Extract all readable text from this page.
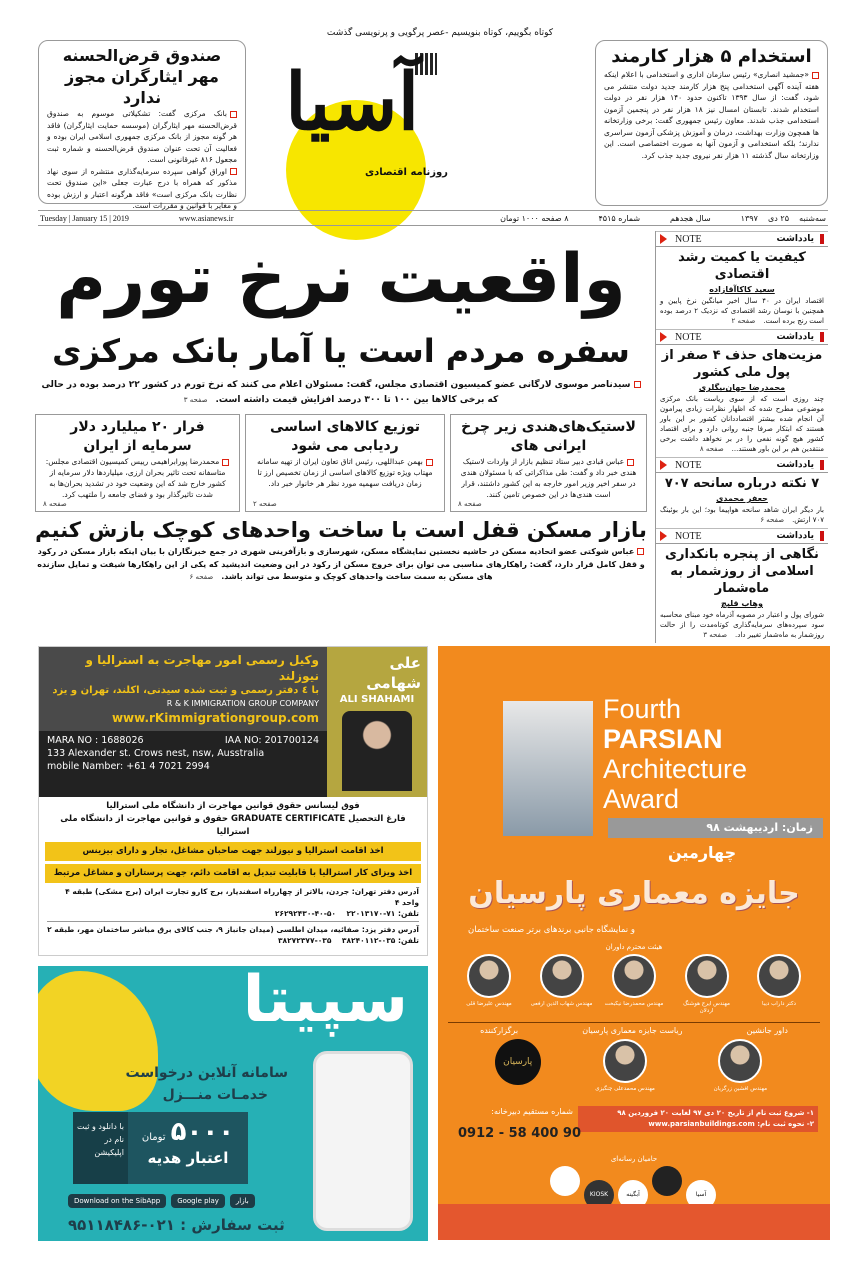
کوتاه بگوییم، کوتاه بنویسیم -عصر پرگویی و پرنویسی گذشت
صندوق قرض‌الحسنه
مهر ایثارگران مجوز ندارد

بانک مرکزی گفت: تشکیلاتی موسوم به صندوق قرض‌الحسنه مهر ایثارگران (موسسه حمایت ایثارگران) فاقد هر گونه مجوز از بانک مرکزی جمهوری اسلامی ایران بوده و فعالیت آن تحت عنوان صندوق قرض‌الحسنه و شماره ثبت مجعول ۸۱۶ غیرقانونی است.

اوراق گواهی سپرده سرمایه‌گذاری منتشره از سوی نهاد مذکور که همراه با درج عبارت جعلی «این صندوق تحت نظارت بانک مرکزی است» فاقد هرگونه اعتبار و ارزش بوده و مغایر با قوانین و مقررات است.

آسیا
روزنامه اقتصادی
استخدام ۵ هزار کارمند

«جمشید انصاری» رئیس سازمان اداری و استخدامی با اعلام اینکه هفته آینده آگهی استخدامی پنج هزار کارمند جدید دولت منتشر می شود، گفت: از سال ۱۳۹۳ تاکنون حدود ۱۴۰ هزار نفر در دولت استخدام شدند. تابستان امسال نیز ۱۸ هزار نفر در پنجمین آزمون استخدامی جذب شدند. معاون رئیس جمهوری گفت: برخی وزارتخانه ها همچون وزارت بهداشت، درمان و آموزش پزشکی آزمون سراسری ندارند؛ بلکه استخدامی و آزمون آنها به صورت اختصاصی است. این وزارتخانه سال گذشته ۱۱ هزار نفر نیروی جدید جذب کرد.

Tuesday | January 15 | 2019	www.asianews.ir	۸ صفحه ۱۰۰۰ تومان	شماره ۴۵۱۵	سال هجدهم	سه‌شنبه    ۲۵ دی    ۱۳۹۷
واقعیت نرخ تورم
سفره مردم است یا آمار بانک مرکزی

سیدناصر موسوی لارگانی عضو کمیسیون اقتصادی مجلس، گفت: مسئولان اعلام می کنند که نرخ تورم در کشور ۲۲ درصد بوده در حالی که برخی کالاها بین ۱۰۰ تا ۳۰۰ درصد افزایش قیمت داشته است.صفحه ۳

لاستیک‌های‌هندی زیر چرخ ایرانی های

عباس قبادی دبیر ستاد تنظیم بازار از واردات لاستیک هندی خبر داد و گفت: طی مذاکراتی که با مسئولان هندی در سفر اخیر وزیر امور خارجه به این کشور داشتند، قرار است هندی‌ها در این خصوص تامین کنند.

صفحه ۸
توزیع کالاهای اساسی ردیابی می شود

بهمن عبداللهی، رئیس اتاق تعاون ایران از تهیه سامانه مهتاب ویژه توزیع کالاهای اساسی از زمان تخصیص ارز تا زمان دریافت سهمیه مورد نظر هر خانوار خبر داد.

صفحه ۲
فرار ۲۰ میلیارد دلار سرمایه از ایران

محمدرضا پورابراهیمی رییس کمیسیون اقتصادی مجلس: متاسفانه تحت تاثیر بحران ارزی، میلیاردها دلار سرمایه از کشور خارج شد که این وضعیت خود در تشدید بحران‌ها به شدت تاثیرگذار بود و فضای جامعه را ملتهب کرد.

صفحه ۸
بازار مسکن قفل است با ساخت واحدهای کوچک بازش کنیم

عباس شوکتی عضو اتحادیه مسکن در حاشیه نخستین نمایشگاه مسکن، شهرسازی و بازآفرینی شهری در جمع خبرنگاران با بیان اینکه بازار مسکن در رکود و قفل کامل قرار دارد، گفت: راهکارهای مناسبی می توان برای خروج مسکن از رکود در این وضعیت اندیشید که یکی از این راهکارها شیفت و تمایل سازنده های مسکن به سمت ساخت واحدهای کوچک و متوسط می تواند باشد.صفحه ۶

NOTE	یادداشت
کیفیت یا کمیت رشد اقتصادی
سعید کاکاآقازاده
اقتصاد ایران در ۴۰ سال اخیر میانگین نرخ پایین و همچنین با نوسان رشد اقتصادی که نزدیک ۲ درصد بوده است رنج برده است.صفحه ۲
NOTE	یادداشت
مزیت‌های حذف ۴ صفر از پول ملی کشور
محمدرضا جهان‌بیگلری
چند روزی است که از سوی ریاست بانک مرکزی موضوعی مطرح شده که اظهار نظرات زیادی پیرامون آن انجام شده بیشتر اقتصاددانان کشور بر این باور هستند که ابتکار صرفا جنبه روانی دارد و برای اقتصاد کشور هیچ گونه نفعی را در بر نخواهد داشت برخی منتقدین هم بر این باور هستند...صفحه ۸
NOTE	یادداشت
۷ نکته درباره سانحه ۷۰۷
جعفر محمدی
بار دیگر ایران شاهد سانحه هواپیما بود؛ این بار بوئینگ ۷۰۷ ارتش.صفحه ۶
NOTE	یادداشت
نگاهی از پنجره بانکداری اسلامی از روزشمار به ماه‌شمار
وهاب قلیچ
شورای پول و اعتبار در مصوبه آذرماه خود مبنای محاسبه سود سپرده‌های سرمایه‌گذاری کوتاه‌مدت را از حالت روزشمار به ماه‌شمار تغییر داد.صفحه ۳
علی شهامی
ALI SHAHAMI
وکیل رسمی امور مهاجرت به استرالیا و نیوزلند
با ٤ دفتر رسمی و ثبت شده سیدنی، اکلند، تهران و یزد
R & K IMMIGRATION GROUP COMPANY
www.rKimmigrationgroup.com
MARA NO : 1688026	IAA NO: 201700124
133 Alexander st. Crows nest, nsw, Ausstralia
mobile Namber: +61 4 7021 2994
فوق لیسانس حقوق قوانین مهاجرت از دانشگاه ملی استرالیا
فارغ التحصیل GRADUATE CERTIFICATE حقوق و قوانین مهاجرت از دانشگاه ملی استرالیا
اخذ اقامت استرالیا و نیوزلند جهت صاحبان مشاغل، تجار و دارای بیزینس
اخذ ویزای کار استرالیا با قابلیت تبدیل به اقامت دائم، جهت پرستاران و مشاغل مرتبط
آدرس دفتر تهران: جردن، بالاتر از چهارراه اسفندیار، برج کارو تجارت ایران (برج مشکی) طبقه ۴ واحد ۴
تلفن: ۷۱-۲۲۰۱۳۱۷۰    ۵۰-۴۰-۲۶۲۹۲۴۳۰
آدرس دفتر یزد: صفائیه، میدان اطلسی (میدان جانباز ۹، جنب کالای برق مباشر ساختمان مهر، طبقه ۲
تلفن: ۰۳۵-۳۸۲۴۰۱۱۲    ۰۳۵-۳۸۲۷۲۳۷۷
سپیتا
سامانه آنلاین درخواست
خدمـات منـــزل
۵۰۰۰ تومان
اعتبار هدیه
با دانلود و ثبت نام در اپلیکیشن
Download on the SibApp	Google play	بازار
ثبت سفارش : ۰۲۱-۹۵۱۱۸۴۸۶
Fourth
PARSIAN
Architecture
Award
زمان: اردیبهشت ۹۸
چهارمین
جایزه معماری پارسیان
و نمایشگاه جانبی برندهای برتر صنعت ساختمان
هیئت محترم داوران
دکتر داراب دیبا
مهندس ایرج هوشنگ اردلان
مهندس محمدرضا نیکبخت
مهندس شهاب الدین ارفعی
مهندس علیرضا قلی
داور جانشین
ریاست جایزه معماری پارسیان
برگزارکننده
مهندس افشین زرگریان
مهندس محمدعلی چنگیزی
پارسیان
۱- شروع ثبت نام از تاریخ ۲۰ دی ۹۷ لغایت ۲۰ فروردین ۹۸
۲- نحوه ثبت نام: www.parsianbuildings.com
شماره مستقیم دبیرخانه:
0912 - 58 400 90
حامیان رسانه‌ای
آسیاآبگینهKIOSK
